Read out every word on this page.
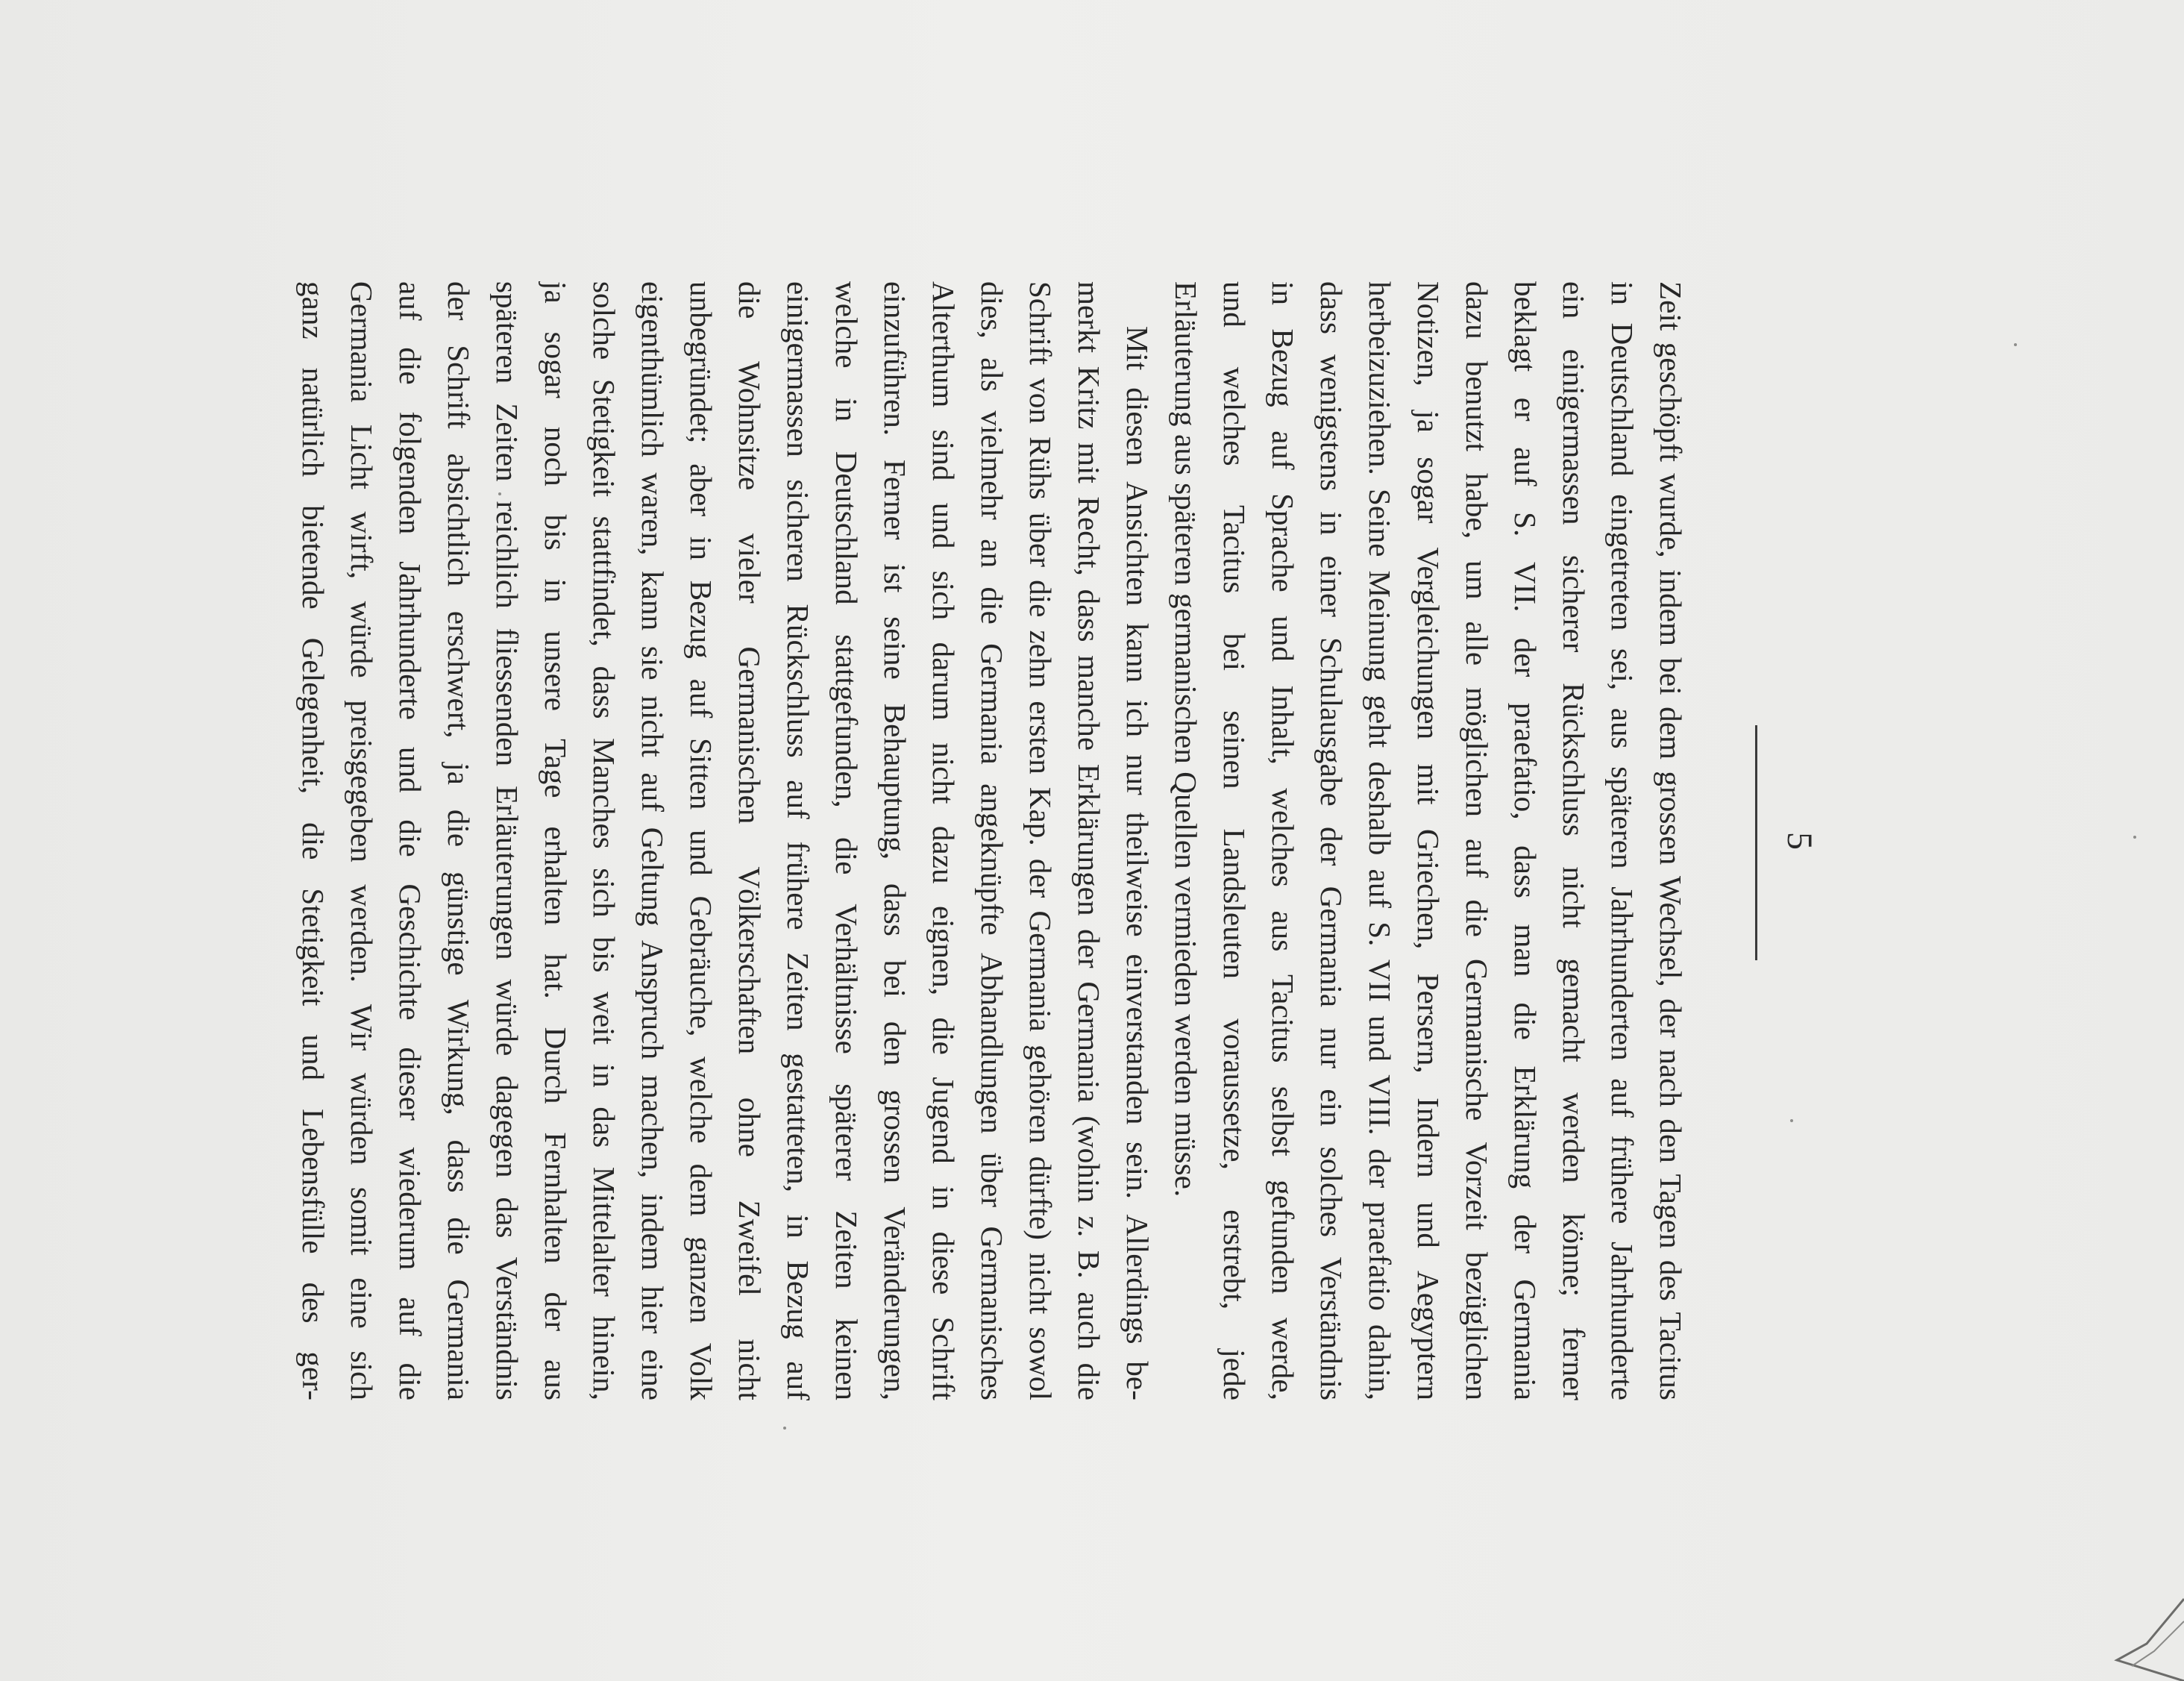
5
Zeit geschöpft wurde, indem bei dem grossen Wechsel, der nach den Tagen des Tacitus
in Deutschland eingetreten sei, aus späteren Jahrhunderten auf frühere Jahrhunderte
ein einigermassen sicherer Rückschluss nicht gemacht werden könne; ferner
beklagt er auf S. VII. der praefatio, dass man die Erklärung der Germania
dazu benutzt habe, um alle möglichen auf die Germanische Vorzeit bezüglichen
Notizen, ja sogar Vergleichungen mit Griechen, Persern, Indern und Aegyptern
herbeizuziehen. Seine Meinung geht deshalb auf S. VII und VIII. der praefatio dahin,
dass wenigstens in einer Schulausgabe der Germania nur ein solches Verständnis
in Bezug auf Sprache und Inhalt, welches aus Tacitus selbst gefunden werde,
und welches Tacitus bei seinen Landsleuten voraussetze, erstrebt, jede
Erläuterung aus späteren germanischen Quellen vermieden werden müsse.
Mit diesen Ansichten kann ich nur theilweise einverstanden sein. Allerdings be-
merkt Kritz mit Recht, dass manche Erklärungen der Germania (wohin z. B. auch die
Schrift von Rühs über die zehn ersten Kap. der Germania gehören dürfte) nicht sowol
dies, als vielmehr an die Germania angeknüpfte Abhandlungen über Germanisches
Alterthum sind und sich darum nicht dazu eignen, die Jugend in diese Schrift
einzuführen. Ferner ist seine Behauptung, dass bei den grossen Veränderungen,
welche in Deutschland stattgefunden, die Verhältnisse späterer Zeiten keinen
einigermassen sicheren Rückschluss auf frühere Zeiten gestatteten, in Bezug auf
die Wohnsitze vieler Germanischen Völkerschaften ohne Zweifel nicht
unbegründet; aber in Bezug auf Sitten und Gebräuche, welche dem ganzen Volk
eigenthümlich waren, kann sie nicht auf Geltung Anspruch machen, indem hier eine
solche Stetigkeit stattfindet, dass Manches sich bis weit in das Mittelalter hinein,
ja sogar noch bis in unsere Tage erhalten hat. Durch Fernhalten der aus
späteren Zeiten reichlich fliessenden Erläuterungen würde dagegen das Verständnis
der Schrift absichtlich erschwert, ja die günstige Wirkung, dass die Germania
auf die folgenden Jahrhunderte und die Geschichte dieser wiederum auf die
Germania Licht wirft, würde preisgegeben werden. Wir würden somit eine sich
ganz natürlich bietende Gelegenheit, die Stetigkeit und Lebensfülle des ger-
